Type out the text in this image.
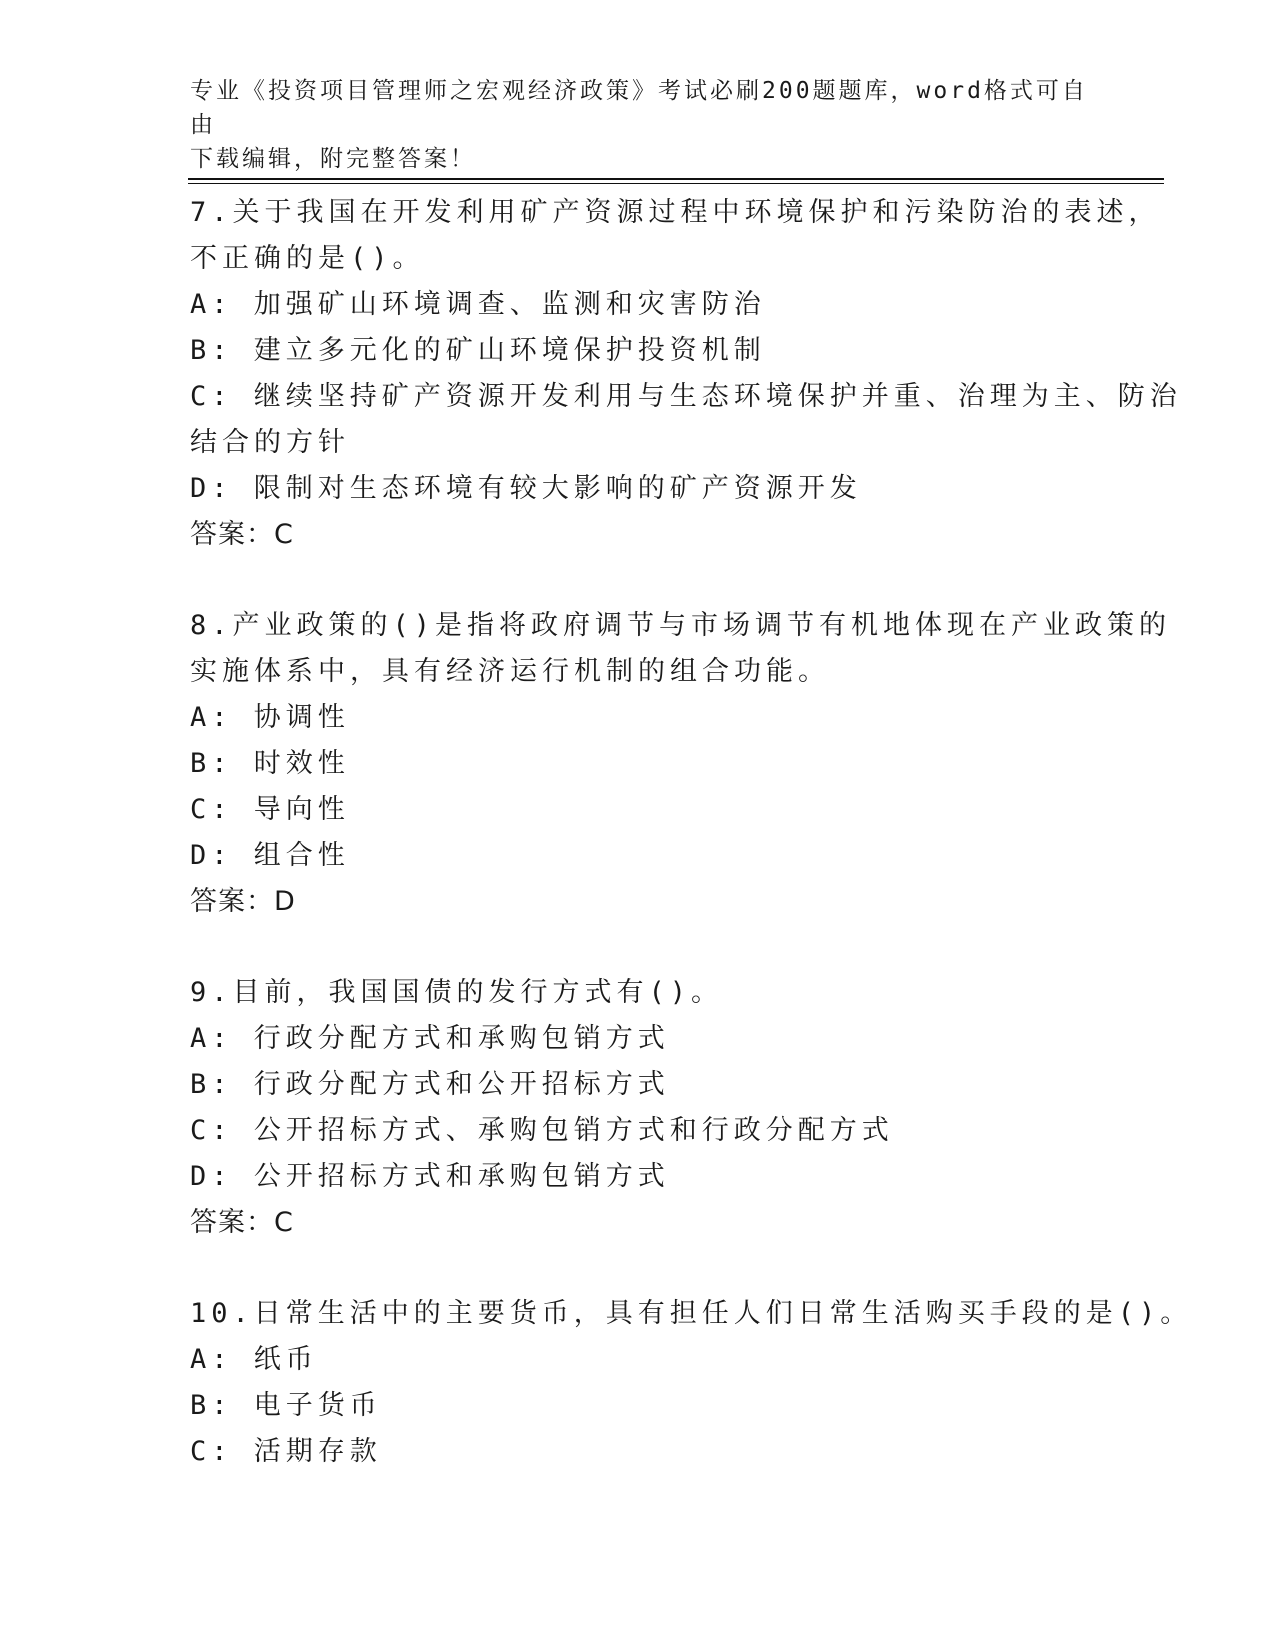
专业《投资项目管理师之宏观经济政策》考试必刷200题题库，word格式可自由
下载编辑，附完整答案！
7.关于我国在开发利用矿产资源过程中环境保护和污染防治的表述，
不正确的是()。
A: 加强矿山环境调查、监测和灾害防治
B: 建立多元化的矿山环境保护投资机制
C: 继续坚持矿产资源开发利用与生态环境保护并重、治理为主、防治
结合的方针
D: 限制对生态环境有较大影响的矿产资源开发
答案：C
8.产业政策的()是指将政府调节与市场调节有机地体现在产业政策的
实施体系中，具有经济运行机制的组合功能。
A: 协调性
B: 时效性
C: 导向性
D: 组合性
答案：D
9.目前，我国国债的发行方式有()。
A: 行政分配方式和承购包销方式
B: 行政分配方式和公开招标方式
C: 公开招标方式、承购包销方式和行政分配方式
D: 公开招标方式和承购包销方式
答案：C
10.日常生活中的主要货币，具有担任人们日常生活购买手段的是()。
A: 纸币
B: 电子货币
C: 活期存款
